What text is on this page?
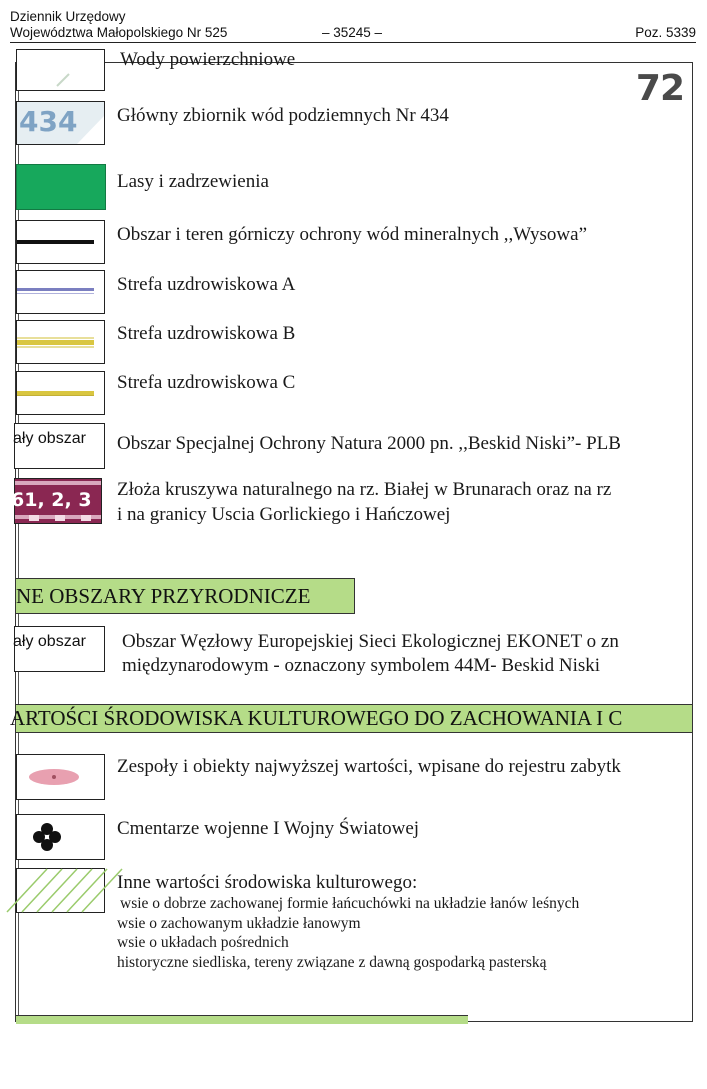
Dziennik Urzędowy
Województwa Małopolskiego Nr 525	– 35245 –	Poz. 5339
72
Wody powierzchniowe
434 Główny zbiornik wód podziemnych Nr 434
Lasy i zadrzewienia
Obszar i teren górniczy ochrony wód mineralnych ,,Wysowa”
Strefa uzdrowiskowa A
Strefa uzdrowiskowa B
Strefa uzdrowiskowa C
ały obszar Obszar Specjalnej Ochrony Natura 2000 pn. ,,Beskid Niski”- PLB
61, 2, 3 Złoża kruszywa naturalnego na rz. Białej w Brunarach oraz na rz
i na granicy Uscia Gorlickiego i Hańczowej
NE OBSZARY PRZYRODNICZE
ały obszar Obszar Węzłowy Europejskiej Sieci Ekologicznej EKONET o zn
międzynarodowym - oznaczony symbolem 44M- Beskid Niski
ARTOŚCI ŚRODOWISKA KULTUROWEGO DO ZACHOWANIA I C
Zespoły i obiekty najwyższej wartości, wpisane do rejestru zabytk
Cmentarze wojenne I Wojny Światowej
Inne wartości środowiska kulturowego:
wsie o dobrze zachowanej formie łańcuchówki na układzie łanów leśnych
wsie o zachowanym układzie łanowym
wsie o układach pośrednich
historyczne siedliska, tereny związane z dawną gospodarką pasterską
